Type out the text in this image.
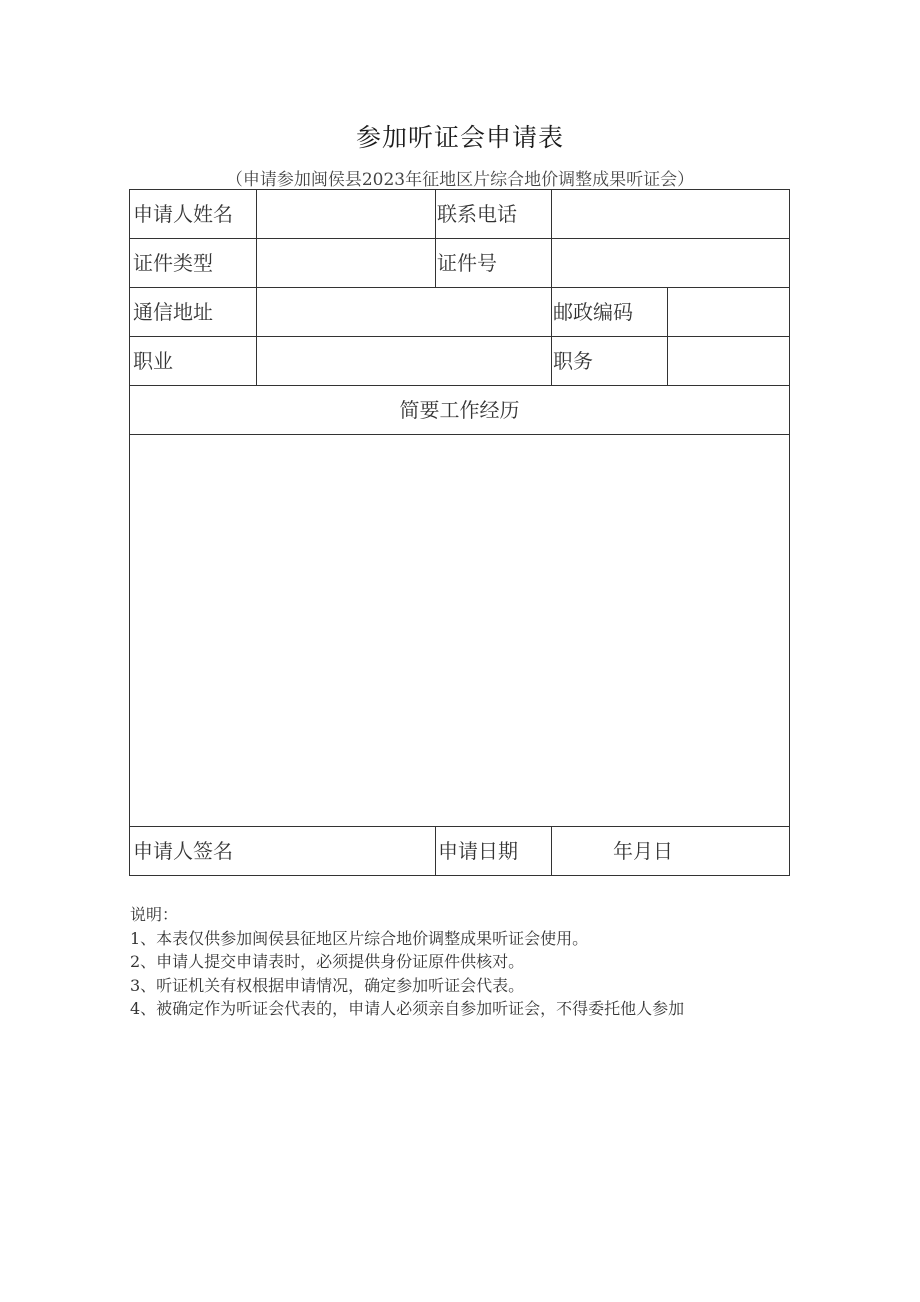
参加听证会申请表
（申请参加闽侯县2023年征地区片综合地价调整成果听证会）
申请人姓名	联系电话
证件类型	证件号
通信地址	邮政编码
职业	职务
简要工作经历
申请人签名	申请日期	年月日
说明：
1、本表仅供参加闽侯县征地区片综合地价调整成果听证会使用。
2、申请人提交申请表时，必须提供身份证原件供核对。
3、听证机关有权根据申请情况，确定参加听证会代表。
4、被确定作为听证会代表的，申请人必须亲自参加听证会，不得委托他人参加
